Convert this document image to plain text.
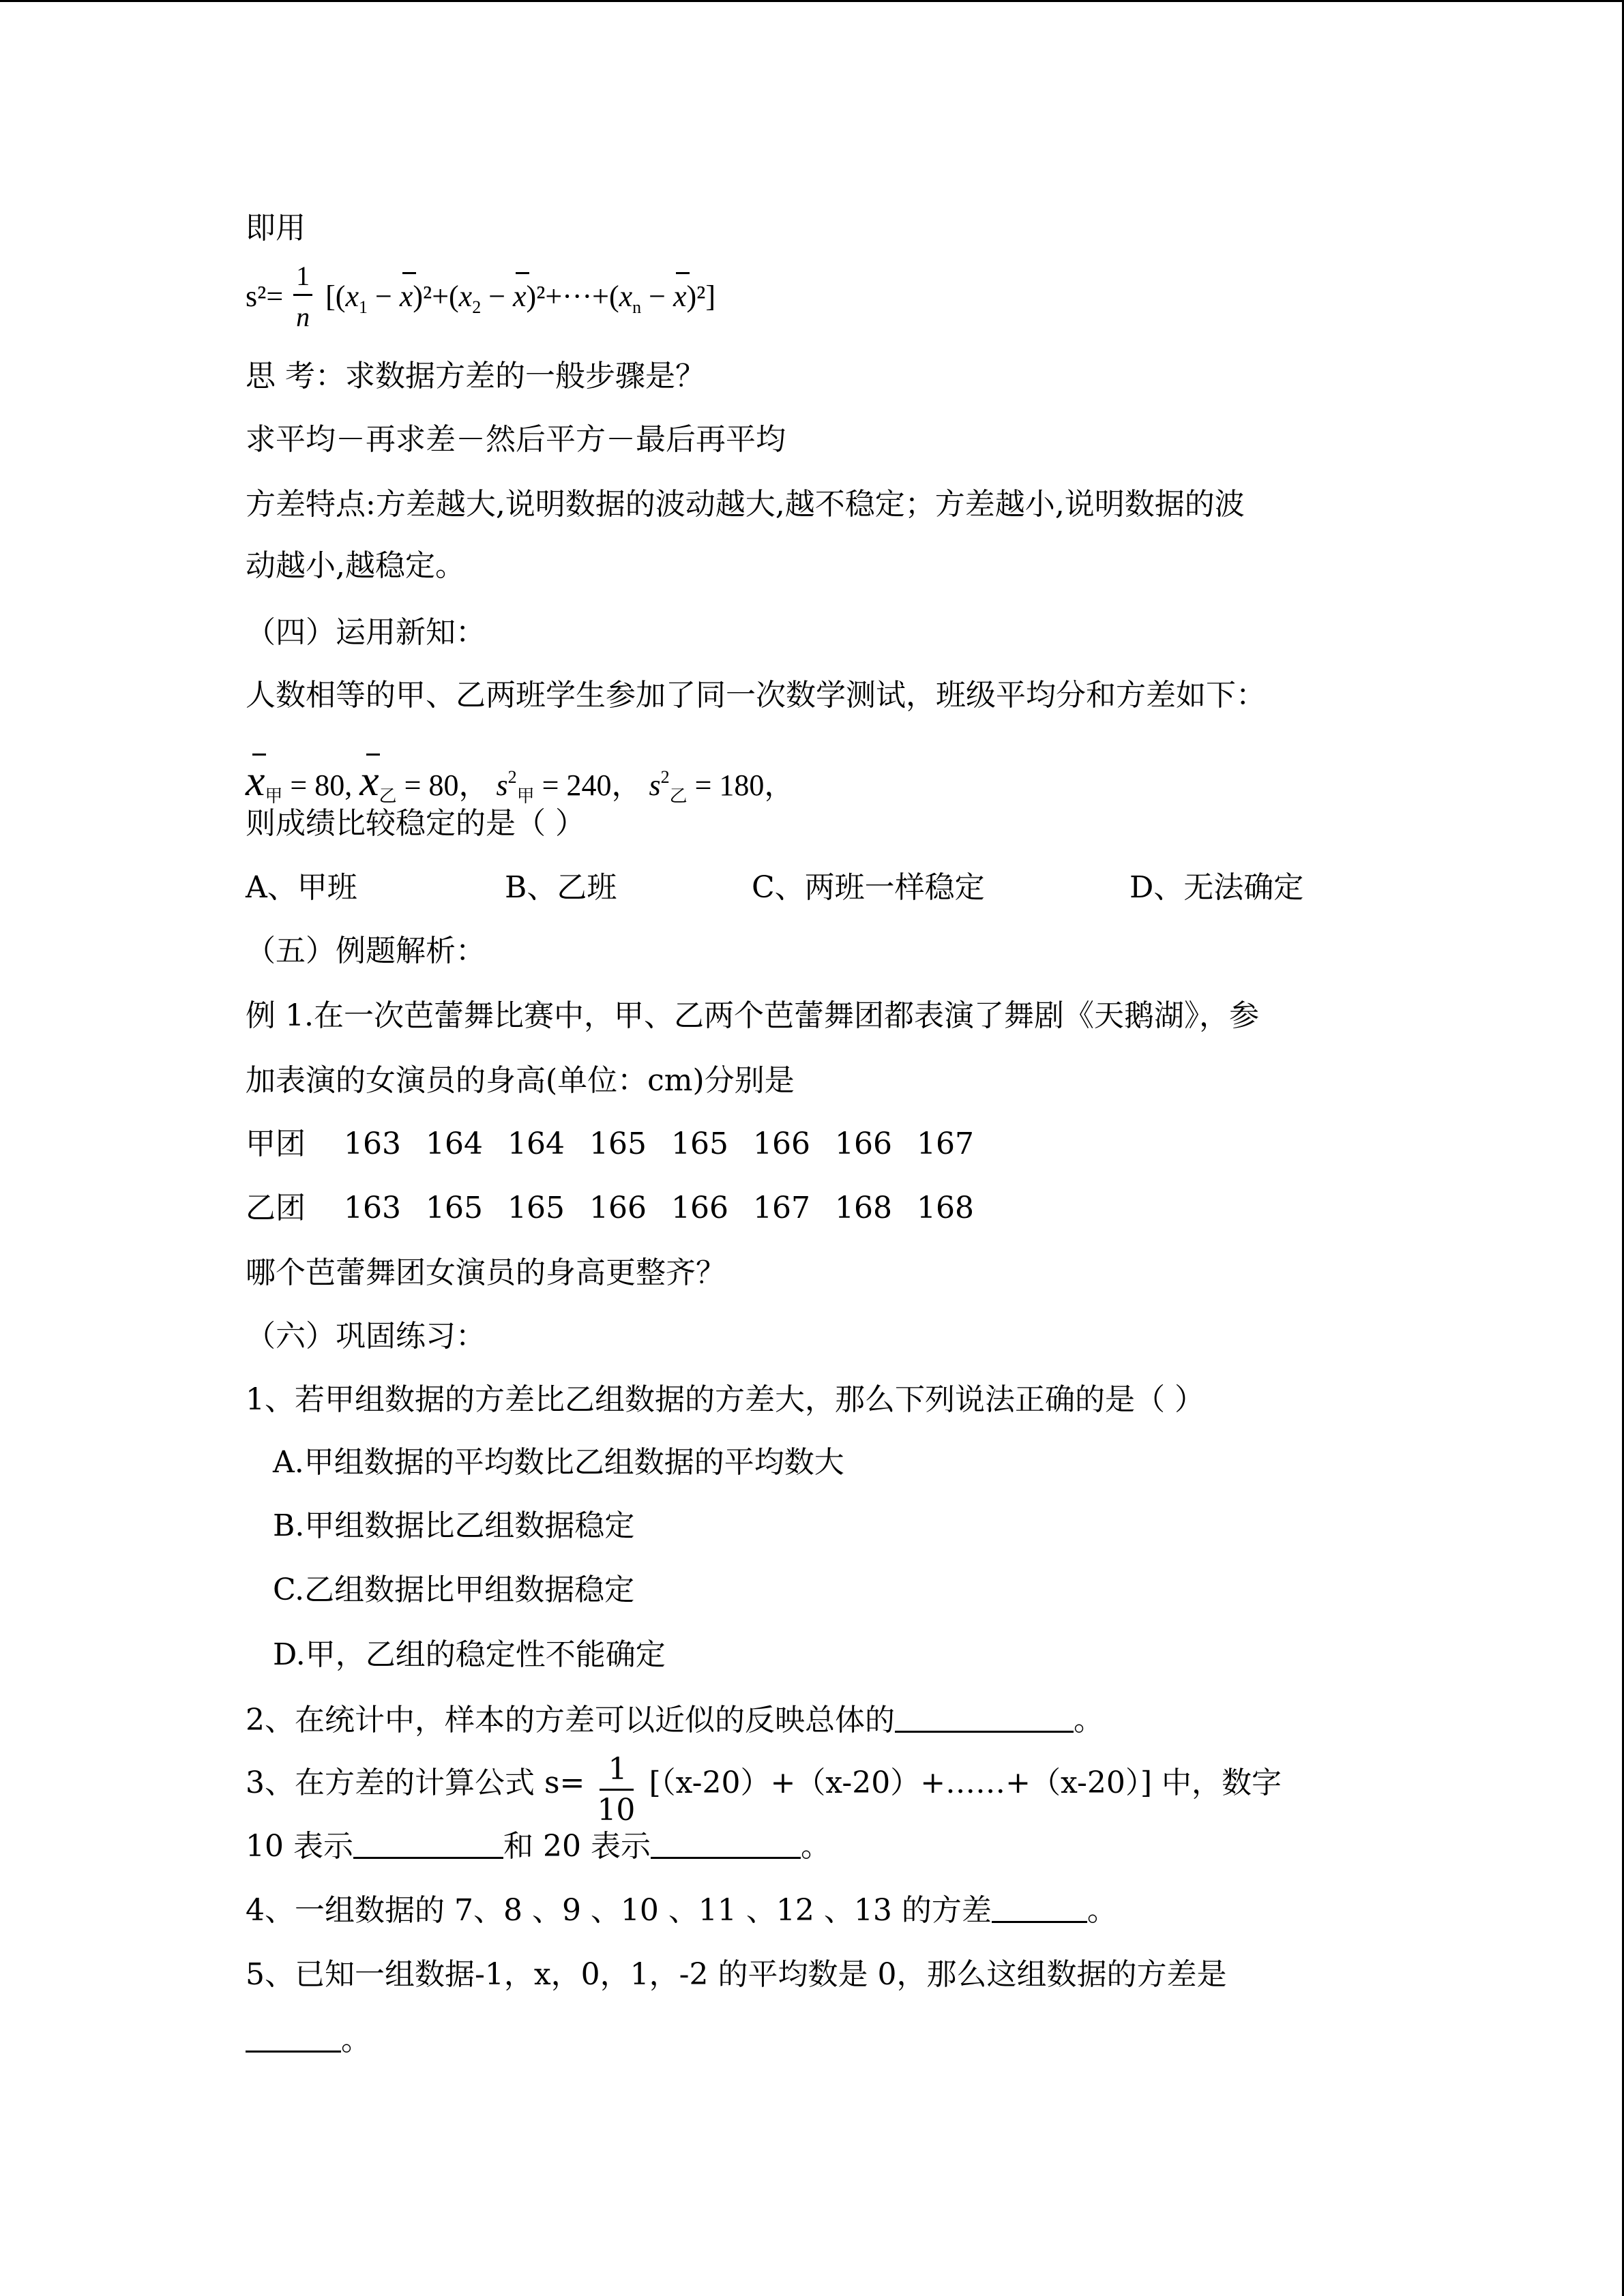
即用
$s^2= \frac{1}{n} [(x_1 - x)^2+(x_2 - x)^2+\cdot\cdot\cdot+(x_n - x)^2]$
思 考：求数据方差的一般步骤是？
求平均－再求差－然后平方－最后再平均
方差特点:方差越大,说明数据的波动越大,越不稳定；方差越小,说明数据的波
动越小,越稳定。
（四）运用新知：
人数相等的甲、乙两班学生参加了同一次数学测试，班级平均分和方差如下：
$x_甲 = 80$, $x_乙 = 80$， $s^2_甲 = 240$， $s^2_乙 = 180$，
则成绩比较稳定的是（ ）
A、甲班	B、乙班	C、两班一样稳定	D、无法确定
（五）例题解析：
例 1.在一次芭蕾舞比赛中，甲、乙两个芭蕾舞团都表演了舞剧《天鹅湖》，参
加表演的女演员的身高(单位：cm)分别是
甲团 163 164 164 165 165 166 166 167
乙团 163 165 165 166 166 167 168 168
哪个芭蕾舞团女演员的身高更整齐？
（六）巩固练习：
1、若甲组数据的方差比乙组数据的方差大，那么下列说法正确的是（ ）
A.甲组数据的平均数比乙组数据的平均数大
B.甲组数据比乙组数据稳定
C.乙组数据比甲组数据稳定
D.甲，乙组的稳定性不能确定
2、在统计中，样本的方差可以近似的反映总体的	。
3、在方差的计算公式 $s= \frac{1}{10}$ [（x-20）+（x-20）+……+（x-20）] 中，数字
10 表示	和 20 表示	。
4、一组数据的 7、8 、9 、10 、11 、12 、13 的方差	。
5、已知一组数据-1，x，0，1，-2 的平均数是 0，那么这组数据的方差是
。
